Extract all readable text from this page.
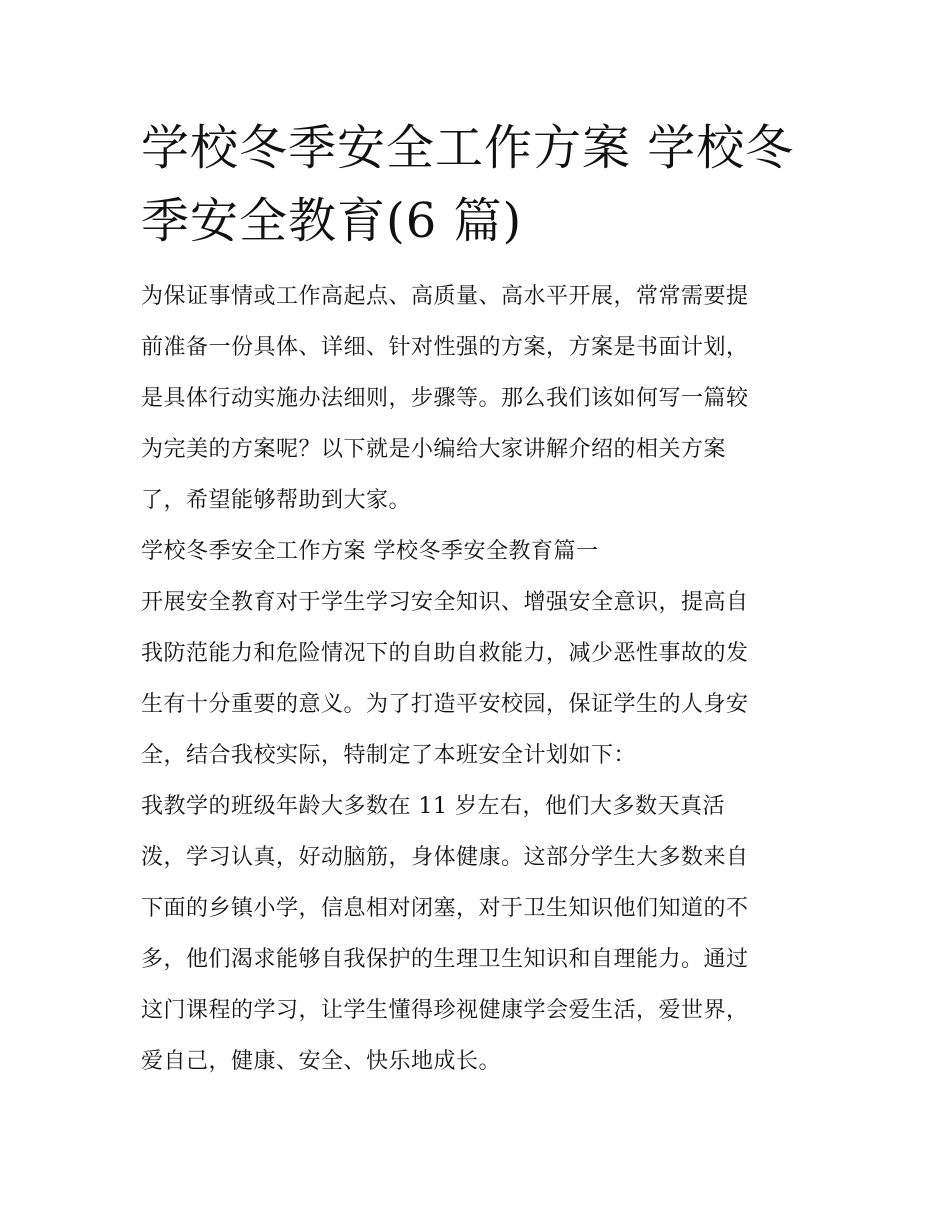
学校冬季安全工作方案 学校冬
季安全教育(6 篇)

为保证事情或工作高起点、高质量、高水平开展，常常需要提

前准备一份具体、详细、针对性强的方案，方案是书面计划，

是具体行动实施办法细则，步骤等。那么我们该如何写一篇较

为完美的方案呢？以下就是小编给大家讲解介绍的相关方案

了，希望能够帮助到大家。

学校冬季安全工作方案 学校冬季安全教育篇一

开展安全教育对于学生学习安全知识、增强安全意识，提高自

我防范能力和危险情况下的自助自救能力，减少恶性事故的发

生有十分重要的意义。为了打造平安校园，保证学生的人身安

全，结合我校实际，特制定了本班安全计划如下：

我教学的班级年龄大多数在 11 岁左右，他们大多数天真活

泼，学习认真，好动脑筋，身体健康。这部分学生大多数来自

下面的乡镇小学，信息相对闭塞，对于卫生知识他们知道的不

多，他们渴求能够自我保护的生理卫生知识和自理能力。通过

这门课程的学习，让学生懂得珍视健康学会爱生活，爱世界，

爱自己，健康、安全、快乐地成长。
